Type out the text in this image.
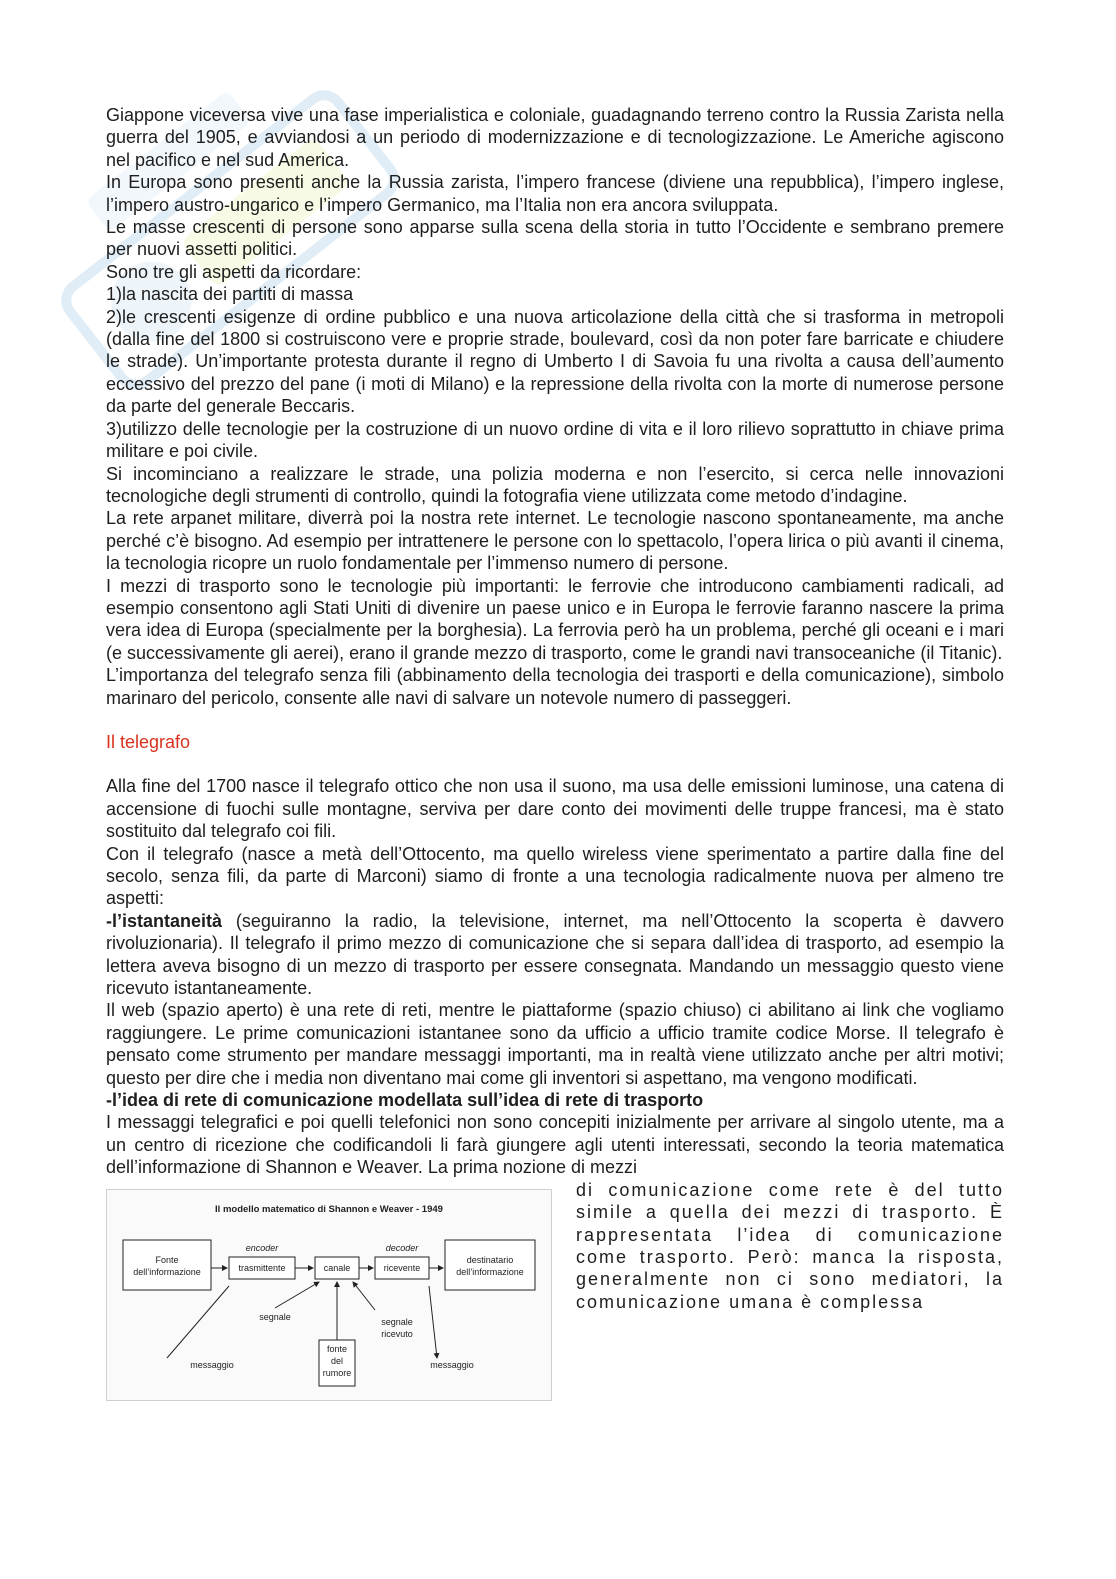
Giappone viceversa vive una fase imperialistica e coloniale, guadagnando terreno contro la Russia Zarista nella guerra del 1905, e avviandosi a un periodo di modernizzazione e di tecnologizzazione. Le Americhe agiscono nel pacifico e nel sud America.

In Europa sono presenti anche la Russia zarista, l’impero francese (diviene una repubblica), l’impero inglese, l’impero austro-ungarico e l’impero Germanico, ma l’Italia non era ancora sviluppata.

Le masse crescenti di persone sono apparse sulla scena della storia in tutto l’Occidente e sembrano premere per nuovi assetti politici.

Sono tre gli aspetti da ricordare:

1)la nascita dei partiti di massa

2)le crescenti esigenze di ordine pubblico e una nuova articolazione della città che si trasforma in metropoli (dalla fine del 1800 si costruiscono vere e proprie strade, boulevard, così da non poter fare barricate e chiudere le strade). Un’importante protesta durante il regno di Umberto I di Savoia fu una rivolta a causa dell’aumento eccessivo del prezzo del pane (i moti di Milano) e la repressione della rivolta con la morte di numerose persone da parte del generale Beccaris.

3)utilizzo delle tecnologie per la costruzione di un nuovo ordine di vita e il loro rilievo soprattutto in chiave prima militare e poi civile.

Si incominciano a realizzare le strade, una polizia moderna e non l’esercito, si cerca nelle innovazioni tecnologiche degli strumenti di controllo, quindi la fotografia viene utilizzata come metodo d’indagine.

La rete arpanet militare, diverrà poi la nostra rete internet. Le tecnologie nascono spontaneamente, ma anche perché c’è bisogno. Ad esempio per intrattenere le persone con lo spettacolo, l’opera lirica o più avanti il cinema, la tecnologia ricopre un ruolo fondamentale per l’immenso numero di persone.

I mezzi di trasporto sono le tecnologie più importanti: le ferrovie che introducono cambiamenti radicali, ad esempio consentono agli Stati Uniti di divenire un paese unico e in Europa le ferrovie faranno nascere la prima vera idea di Europa (specialmente per la borghesia). La ferrovia però ha un problema, perché gli oceani e i mari (e successivamente gli aerei), erano il grande mezzo di trasporto, come le grandi navi transoceaniche (il Titanic).

L’importanza del telegrafo senza fili (abbinamento della tecnologia dei trasporti e della comunicazione), simbolo marinaro del pericolo, consente alle navi di salvare un notevole numero di passeggeri.

Il telegrafo

Alla fine del 1700 nasce il telegrafo ottico che non usa il suono, ma usa delle emissioni luminose, una catena di accensione di fuochi sulle montagne, serviva per dare conto dei movimenti delle truppe francesi, ma è stato sostituito dal telegrafo coi fili.

Con il telegrafo (nasce a metà dell’Ottocento, ma quello wireless viene sperimentato a partire dalla fine del secolo, senza fili, da parte di Marconi) siamo di fronte a una tecnologia radicalmente nuova per almeno tre aspetti:

-l’istantaneità (seguiranno la radio, la televisione, internet, ma nell’Ottocento la scoperta è davvero rivoluzionaria). Il telegrafo il primo mezzo di comunicazione che si separa dall’idea di trasporto, ad esempio la lettera aveva bisogno di un mezzo di trasporto per essere consegnata. Mandando un messaggio questo viene ricevuto istantaneamente.

Il web (spazio aperto) è una rete di reti, mentre le piattaforme (spazio chiuso) ci abilitano ai link che vogliamo raggiungere. Le prime comunicazioni istantanee sono da ufficio a ufficio tramite codice Morse. Il telegrafo è pensato come strumento per mandare messaggi importanti, ma in realtà viene utilizzato anche per altri motivi; questo per dire che i media non diventano mai come gli inventori si aspettano, ma vengono modificati.

-l’idea di rete di comunicazione modellata sull’idea di rete di trasporto

I messaggi telegrafici e poi quelli telefonici non sono concepiti inizialmente per arrivare al singolo utente, ma a un centro di ricezione che codificandoli li farà giungere agli utenti interessati, secondo la teoria matematica dell’informazione di Shannon e Weaver. La prima nozione di mezzi

Il modello matematico di Shannon e Weaver - 1949
encoder	decoder
Fonte
dell’informazione	trasmittente	canale	ricevente
destinatario
dell’informazione
segnale	segnale
ricevuto
fonte
del
rumore
messaggio	messaggio

di comunicazione come rete è del tutto simile a quella dei mezzi di trasporto. È rappresentata l’idea di comunicazione come trasporto. Però: manca la risposta, generalmente non ci sono mediatori, la comunicazione umana è complessa
